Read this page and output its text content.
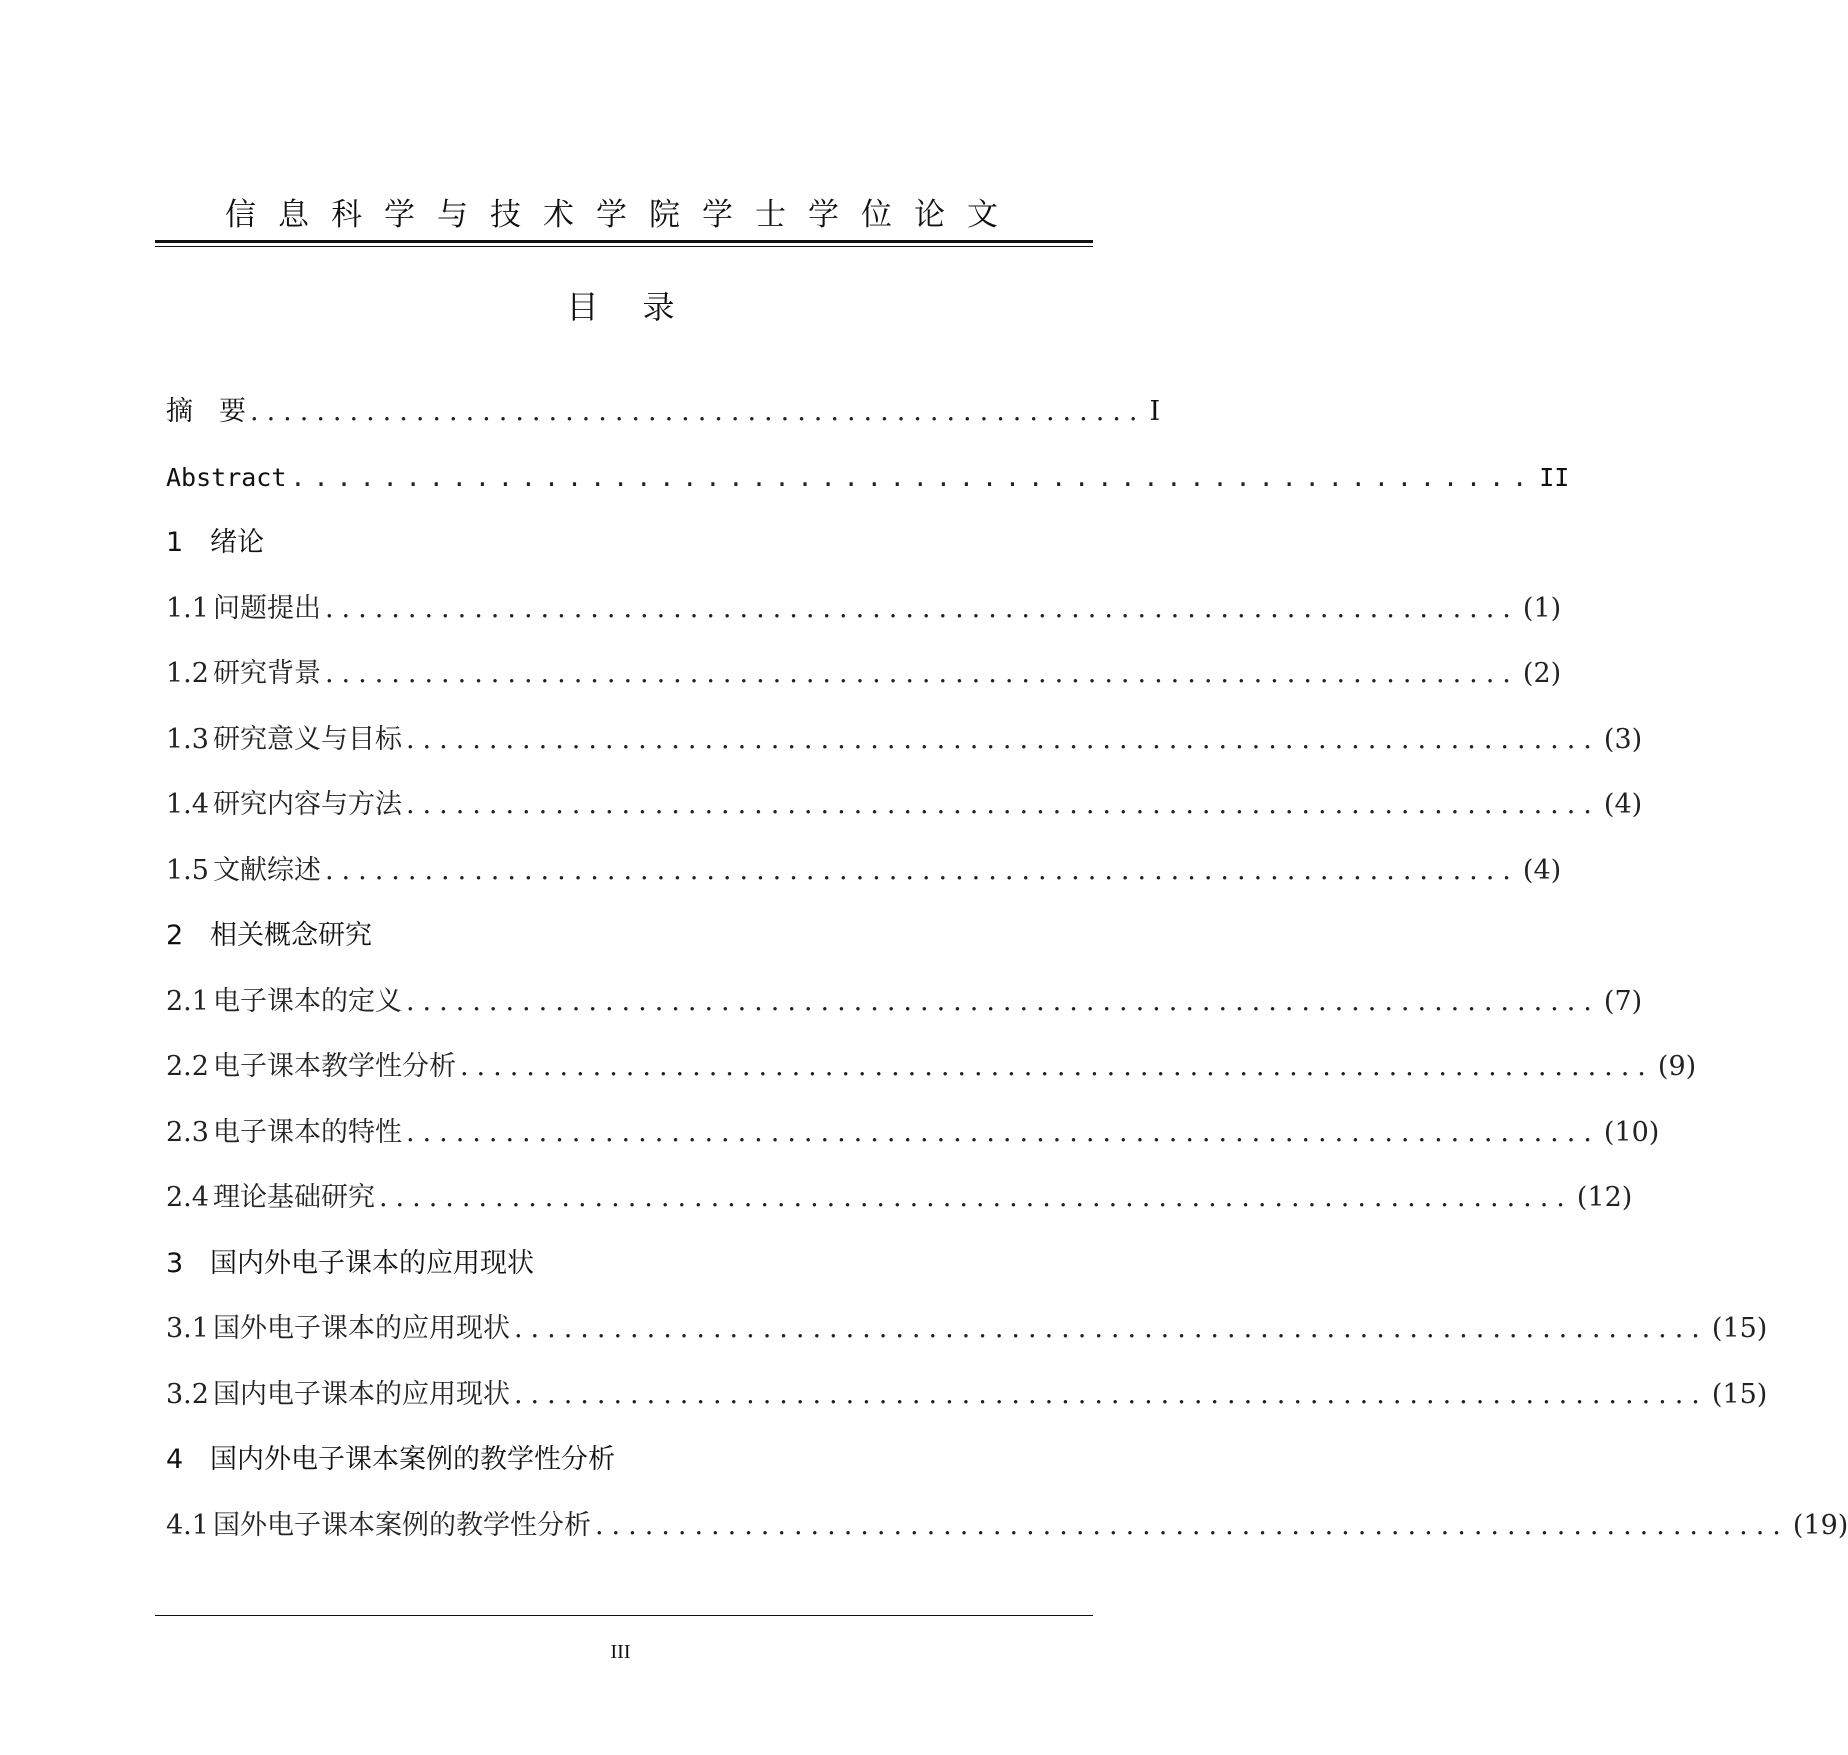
信息科学与技术学院学士学位论文
目 录
摘 要 ...................................................... I
Abstract ...................................................... II
1 绪论
1.1 问题提出 ........................................................................ (1)
1.2 研究背景 ........................................................................ (2)
1.3 研究意义与目标 ........................................................................ (3)
1.4 研究内容与方法 ........................................................................ (4)
1.5 文献综述 ........................................................................ (4)
2 相关概念研究
2.1 电子课本的定义 ........................................................................ (7)
2.2 电子课本教学性分析 ........................................................................ (9)
2.3 电子课本的特性 ........................................................................ (10)
2.4 理论基础研究 ........................................................................ (12)
3 国内外电子课本的应用现状
3.1 国外电子课本的应用现状 ........................................................................ (15)
3.2 国内电子课本的应用现状 ........................................................................ (15)
4 国内外电子课本案例的教学性分析
4.1 国外电子课本案例的教学性分析 ........................................................................ (19)
III
